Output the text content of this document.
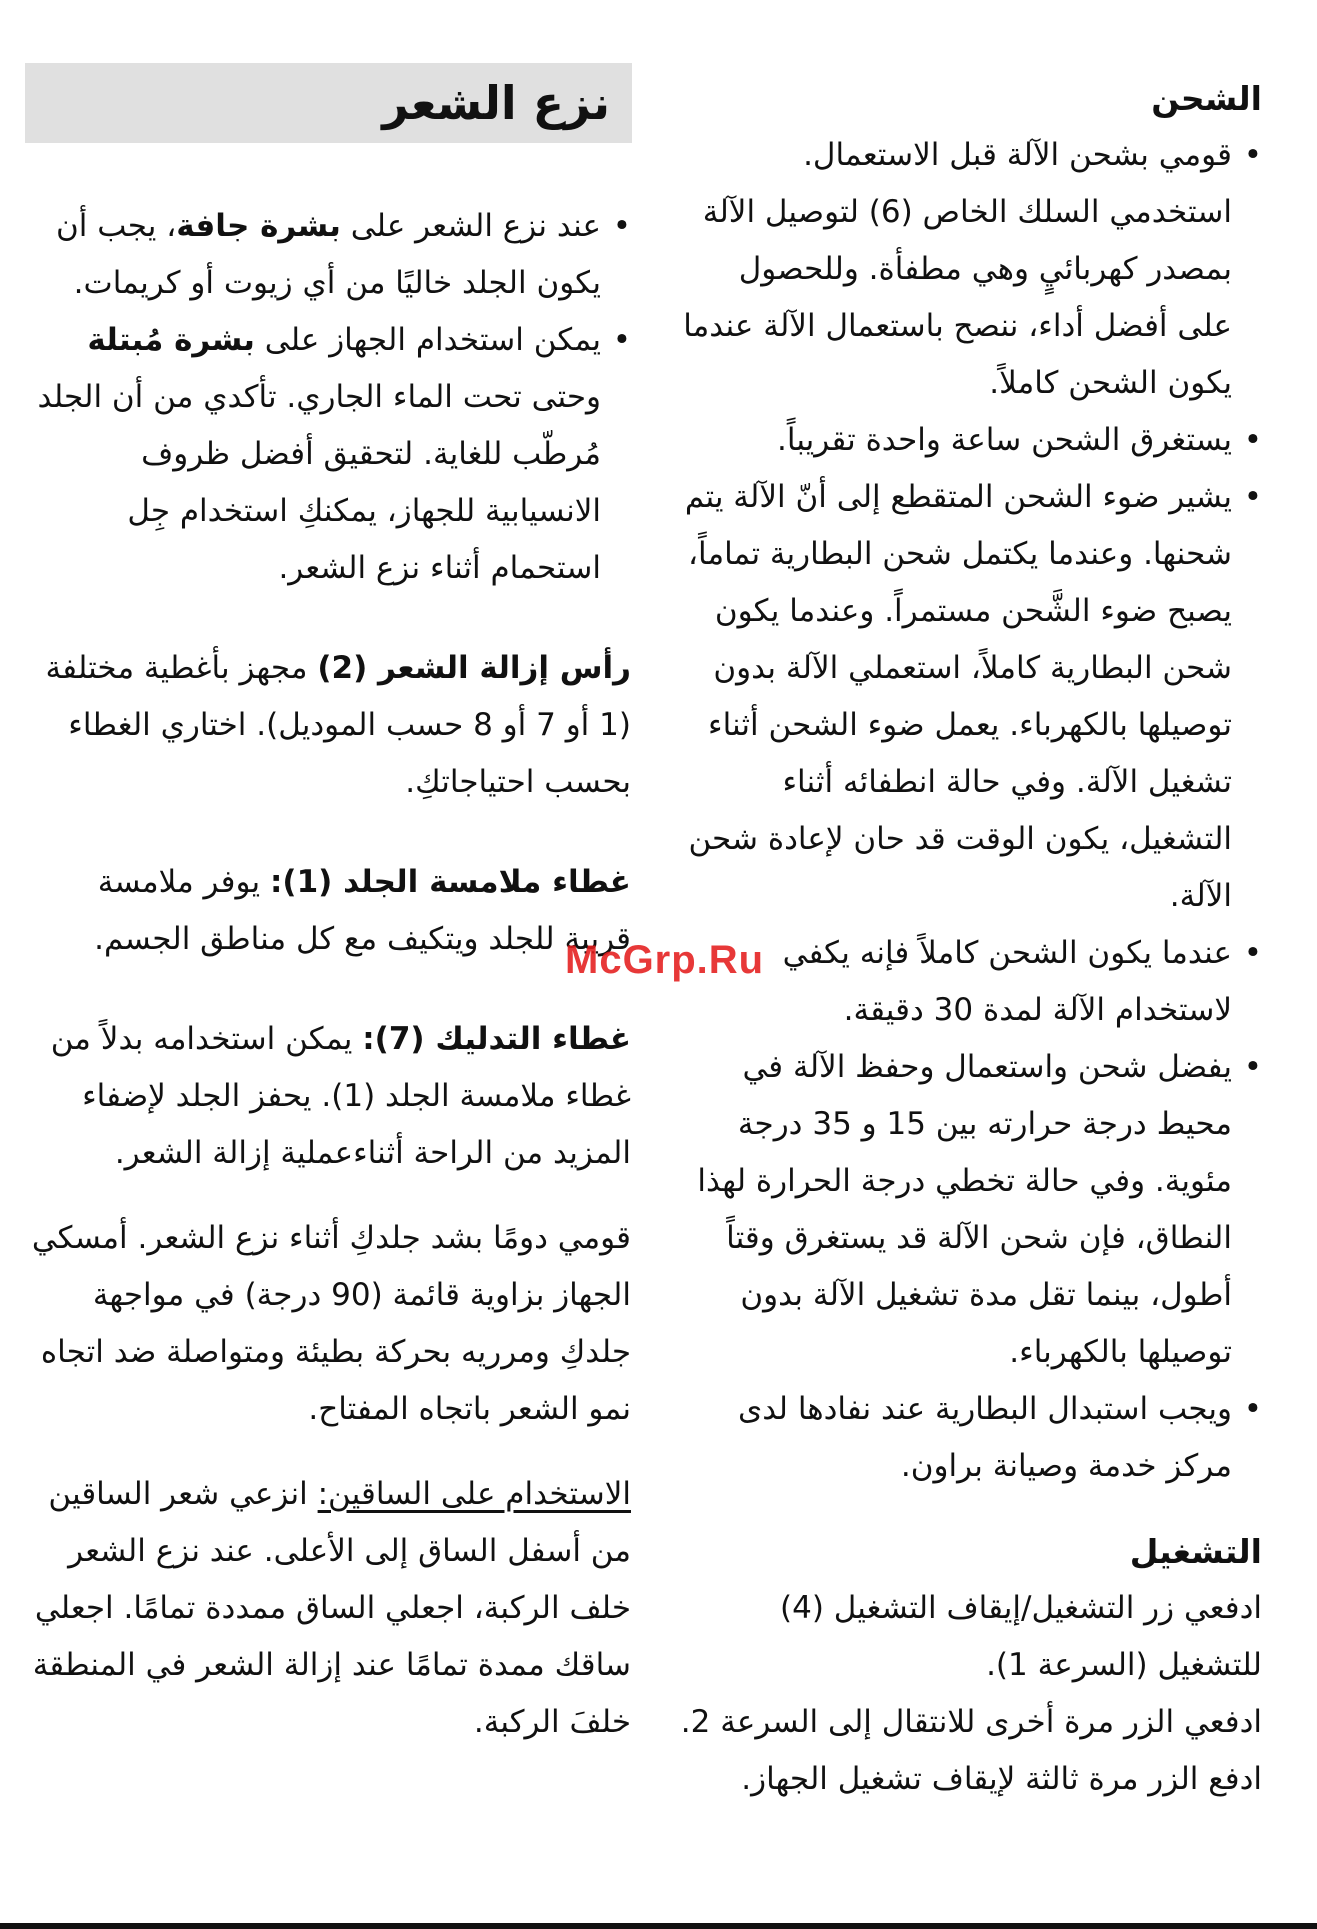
الشحن
• قومي بشحن الآلة قبل الاستعمال. استخدمي السلك الخاص (6) لتوصيل الآلة بمصدر كهربائيٍ وهي مطفأة. وللحصول على أفضل أداء، ننصح باستعمال الآلة عندما يكون الشحن كاملاً.
• يستغرق الشحن ساعة واحدة تقريباً.
• يشير ضوء الشحن المتقطع إلى أنّ الآلة يتم شحنها. وعندما يكتمل شحن البطارية تماماً، يصبح ضوء الشَّحن مستمراً. وعندما يكون شحن البطارية كاملاً، استعملي الآلة بدون توصيلها بالكهرباء. يعمل ضوء الشحن أثناء تشغيل الآلة. وفي حالة انطفائه أثناء التشغيل، يكون الوقت قد حان لإعادة شحن الآلة.
• عندما يكون الشحن كاملاً فإنه يكفي لاستخدام الآلة لمدة 30 دقيقة.
• يفضل شحن واستعمال وحفظ الآلة في محيط درجة حرارته بين 15 و 35 درجة مئوية. وفي حالة تخطي درجة الحرارة لهذا النطاق، فإن شحن الآلة قد يستغرق وقتاً أطول، بينما تقل مدة تشغيل الآلة بدون توصيلها بالكهرباء.
• ويجب استبدال البطارية عند نفادها لدى مركز خدمة وصيانة براون.
التشغيل

ادفعي زر التشغيل/إيقاف التشغيل (4) للتشغيل (السرعة 1).

ادفعي الزر مرة أخرى للانتقال إلى السرعة 2.

ادفع الزر مرة ثالثة لإيقاف تشغيل الجهاز.

نزع الشعر
• عند نزع الشعر على بشرة جافة، يجب أن يكون الجلد خاليًا من أي زيوت أو كريمات.
• يمكن استخدام الجهاز على بشرة مُبتلة وحتى تحت الماء الجاري. تأكدي من أن الجلد مُرطّب للغاية. لتحقيق أفضل ظروف الانسيابية للجهاز، يمكنكِ استخدام جِل استحمام أثناء نزع الشعر.

رأس إزالة الشعر (2) مجهز بأغطية مختلفة (1 أو 7 أو 8 حسب الموديل). اختاري الغطاء بحسب احتياجاتكِ.

غطاء ملامسة الجلد (1): يوفر ملامسة قريبة للجلد ويتكيف مع كل مناطق الجسم.

غطاء التدليك (7): يمكن استخدامه بدلاً من غطاء ملامسة الجلد (1). يحفز الجلد لإضفاء المزيد من الراحة أثناءعملية إزالة الشعر.

قومي دومًا بشد جلدكِ أثناء نزع الشعر. أمسكي الجهاز بزاوية قائمة (90 درجة) في مواجهة جلدكِ ومرريه بحركة بطيئة ومتواصلة ضد اتجاه نمو الشعر باتجاه المفتاح.

الاستخدام على الساقين: انزعي شعر الساقين من أسفل الساق إلى الأعلى. عند نزع الشعر خلف الركبة، اجعلي الساق ممددة تمامًا. اجعلي ساقك ممدة تمامًا عند إزالة الشعر في المنطقة خلفَ الركبة.

McGrp.Ru
